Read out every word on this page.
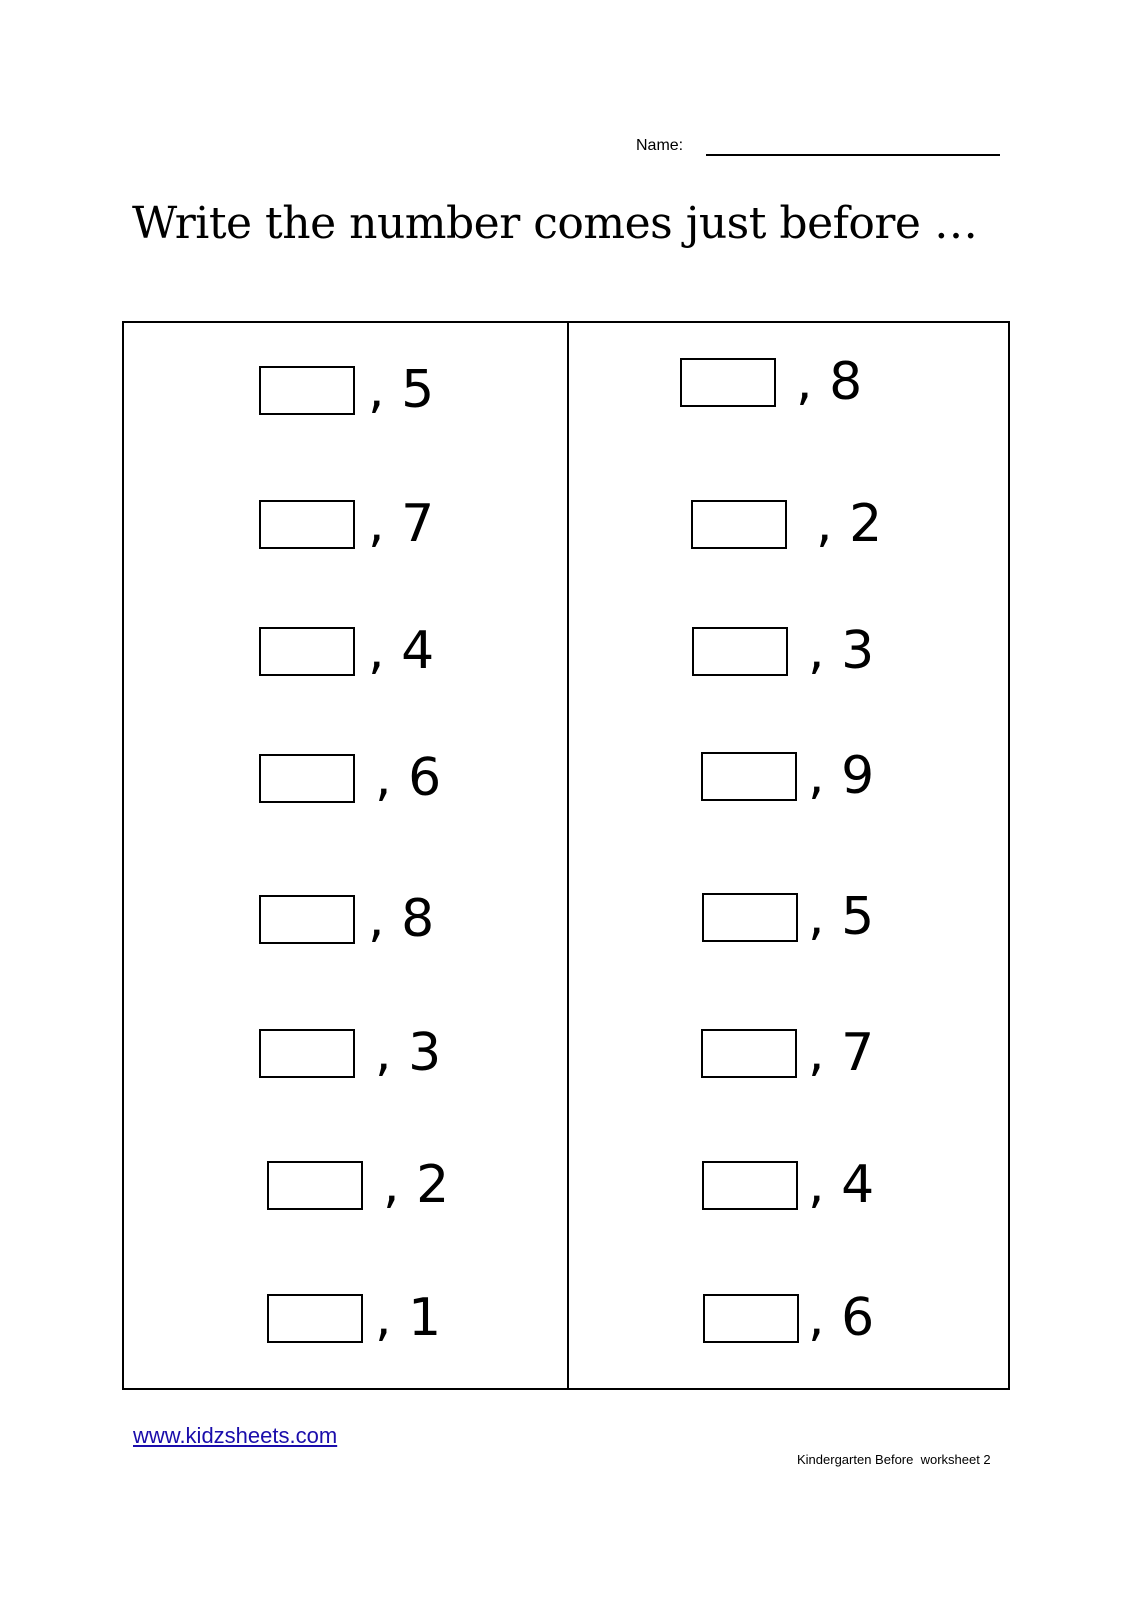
Name:
Write the number comes just before …
, 5
, 7
, 4
, 6
, 8
, 3
, 2
, 1
, 8
, 2
, 3
, 9
, 5
, 7
, 4
, 6
www.kidzsheets.com
Kindergarten Before  worksheet 2
